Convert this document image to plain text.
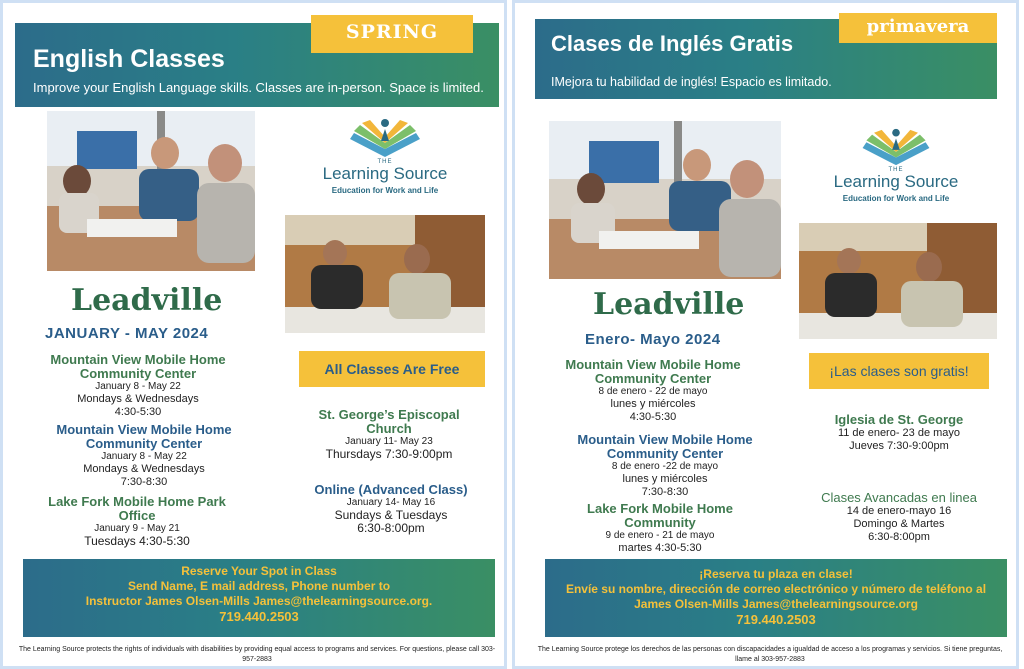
SPRING
English Classes
Improve your English Language skills. Classes are in-person. Space is limited.
THE
Learning Source
Education for Work and Life
Leadville
JANUARY - MAY 2024
Mountain View Mobile Home Community Center
January 8 - May 22
Mondays & Wednesdays
4:30-5:30
Mountain View Mobile Home Community Center
January 8 - May 22
Mondays & Wednesdays
7:30-8:30
Lake Fork Mobile Home Park Office
January 9 - May 21
Tuesdays 4:30-5:30
All Classes Are Free
St. George’s Episcopal Church
January 11- May 23
Thursdays 7:30-9:00pm
Online (Advanced Class)
January 14- May 16
Sundays & Tuesdays
6:30-8:00pm
Reserve Your Spot in Class
Send Name, E mail address, Phone number to
Instructor James Olsen-Mills James@thelearningsource.org.
719.440.2503
The Learning Source protects the rights of individuals with disabilities by providing equal access to programs and services. For questions, please call 303-957-2883
primavera
Clases de Inglés Gratis
IMejora tu habilidad de inglés! Espacio es limitado.
THE
Learning Source
Education for Work and Life
Leadville
Enero- Mayo 2024
Mountain View Mobile Home Community Center
8 de enero - 22 de mayo
lunes y miércoles
4:30-5:30
Mountain View Mobile Home Community Center
8 de enero -22 de mayo
lunes y miércoles
7:30-8:30
Lake Fork Mobile Home Community
9 de enero - 21 de mayo
martes 4:30-5:30
¡Las clases son gratis!
Iglesia de St. George
11 de enero- 23 de mayo
Jueves 7:30-9:00pm
Clases Avancadas en linea
14 de enero-mayo 16
Domingo & Martes
6:30-8:00pm
¡Reserva tu plaza en clase!
Envíe su nombre, dirección de correo electrónico y número de teléfono al
James Olsen-Mills James@thelearningsource.org
719.440.2503
The Learning Source protege los derechos de las personas con discapacidades a igualdad de acceso a los programas y servicios. Si tiene preguntas, llame al 303-957-2883
